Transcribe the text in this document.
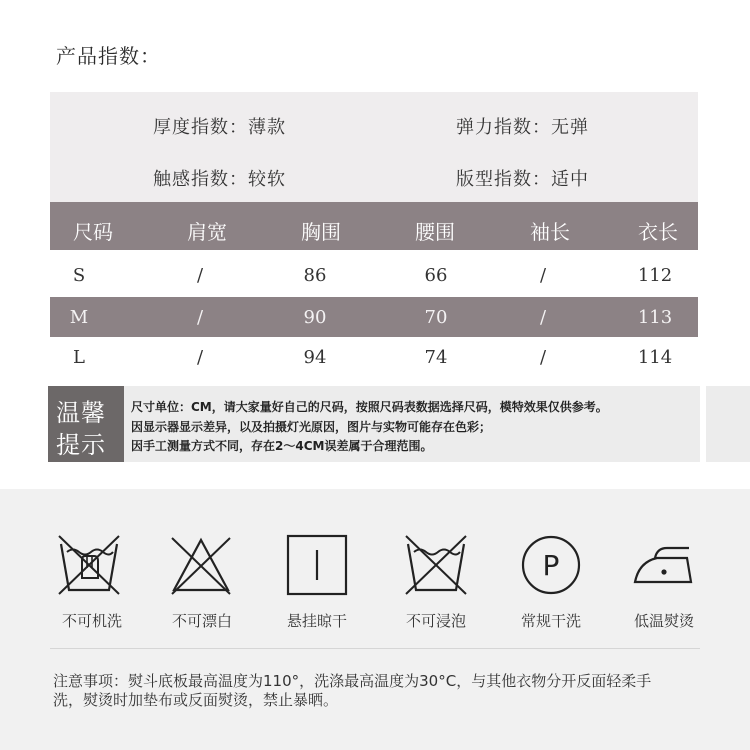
产品指数：
厚度指数：薄款	弹力指数：无弹
触感指数：较软	版型指数：适中
尺码	肩宽	胸围	腰围	袖长	衣长
S	/	86	66	/	112
M	/	90	70	/	113
L	/	94	74	/	114
温馨
提示
尺寸单位：CM，请大家量好自己的尺码，按照尺码表数据选择尺码，模特效果仅供参考。
因显示器显示差异，以及拍摄灯光原因，图片与实物可能存在色彩；
因手工测量方式不同，存在2～4CM误差属于合理范围。
P
不可机洗	不可漂白	悬挂晾干	不可浸泡	常规干洗	低温熨烫
注意事项：熨斗底板最高温度为110°，洗涤最高温度为30°C，与其他衣物分开反面轻柔手
洗，熨烫时加垫布或反面熨烫，禁止暴晒。
